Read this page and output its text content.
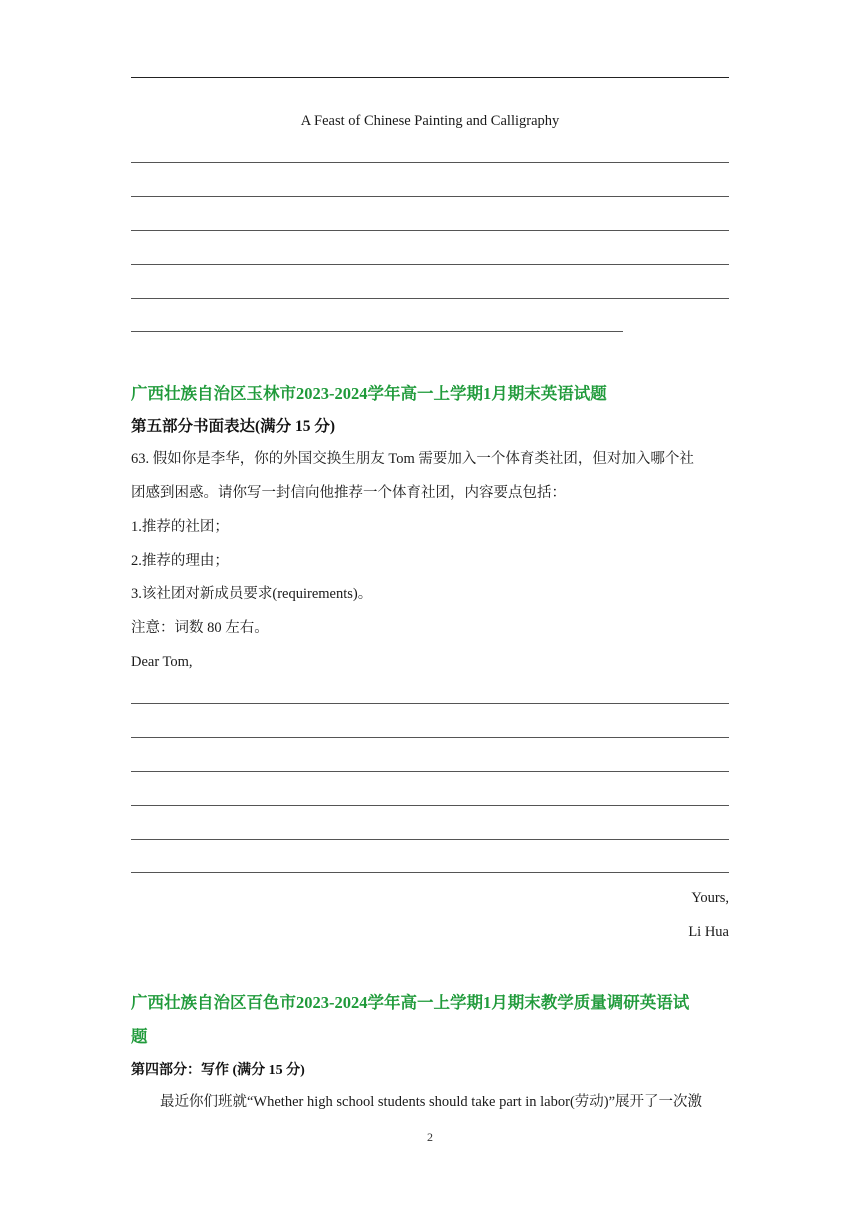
A Feast of Chinese Painting and Calligraphy
广西壮族自治区玉林市2023-2024学年高一上学期1月期末英语试题
第五部分书面表达(满分 15 分)
63. 假如你是李华，你的外国交换生朋友 Tom 需要加入一个体育类社团，但对加入哪个社
团感到困惑。请你写一封信向他推荐一个体育社团，内容要点包括：
1.推荐的社团；
2.推荐的理由；
3.该社团对新成员要求(requirements)。
注意：词数 80 左右。
Dear Tom,
Yours,
Li Hua
广西壮族自治区百色市2023-2024学年高一上学期1月期末教学质量调研英语试
题
第四部分：写作 (满分 15 分)
最近你们班就“Whether high school students should take part in labor(劳动)”展开了一次激
2
